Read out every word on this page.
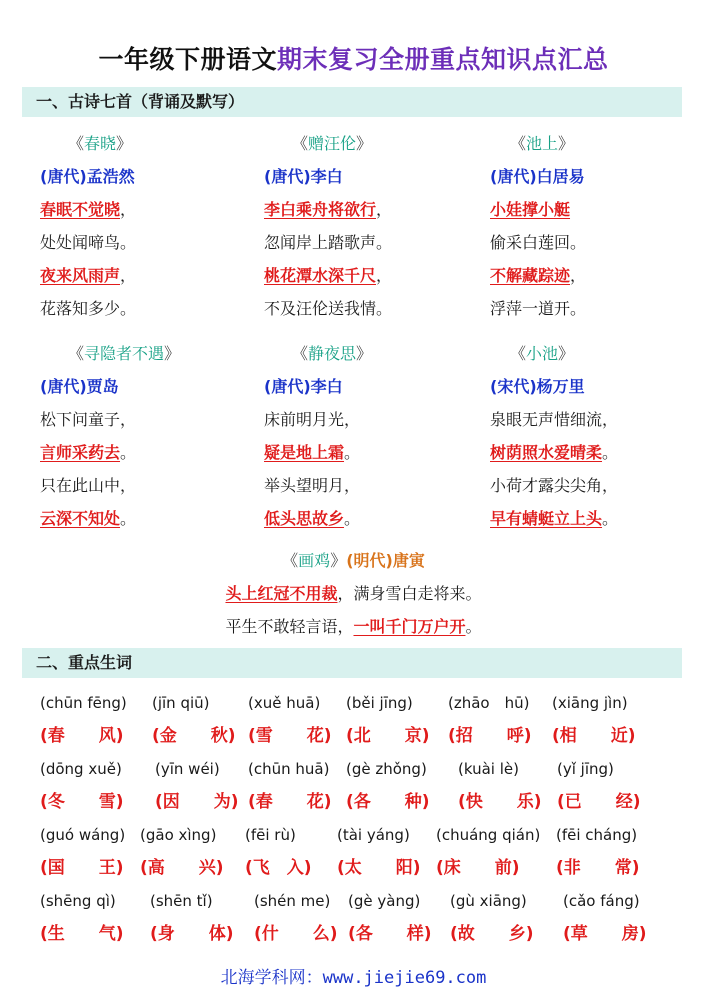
一年级下册语文期末复习全册重点知识点汇总
一、古诗七首（背诵及默写）
《春晓》
(唐代)孟浩然
春眠不觉晓，
处处闻啼鸟。
夜来风雨声，
花落知多少。
《赠汪伦》
(唐代)李白
李白乘舟将欲行，
忽闻岸上踏歌声。
桃花潭水深千尺，
不及汪伦送我情。
《池上》
(唐代)白居易
小娃撑小艇
偷采白莲回。
不解藏踪迹，
浮萍一道开。
《寻隐者不遇》
(唐代)贾岛
松下问童子，
言师采药去。
只在此山中，
云深不知处。
《静夜思》
(唐代)李白
床前明月光，
疑是地上霜。
举头望明月，
低头思故乡。
《小池》
(宋代)杨万里
泉眼无声惜细流，
树荫照水爱晴柔。
小荷才露尖尖角，
早有蜻蜓立上头。
《画鸡》(明代)唐寅
头上红冠不用裁，满身雪白走将来。
平生不敢轻言语，一叫千门万户开。
二、重点生词
(chūn fēng) (jīn qiū)	(xuě huā) (běi jīng) (zhāo　hū) (xiāng jìn)
(春　　风) (金　　秋) (雪　　花) (北　　京) (招　　呼) (相　　近)
(dōng xuě) (yīn wéi) (chūn huā) (gè zhǒng) (kuài lè)	(yǐ jīng)
(冬　　雪) (因　　为) (春　　花) (各　　种) (快　　乐) (已　　经)
(guó wáng) (gāo xìng) (fēi rù)	(tài yáng) (chuáng qián) (fēi cháng)
(国　　王) (高　　兴) (飞　入) (太　　阳) (床　　前) (非　　常)
(shēng qì) (shēn tǐ)	(shén me) (gè yàng) (gù xiāng) (cǎo fáng)
(生　　气) (身　　体) (什　　么) (各　　样) (故　　乡) (草　　房)
北海学科网：www.jiejie69.com
